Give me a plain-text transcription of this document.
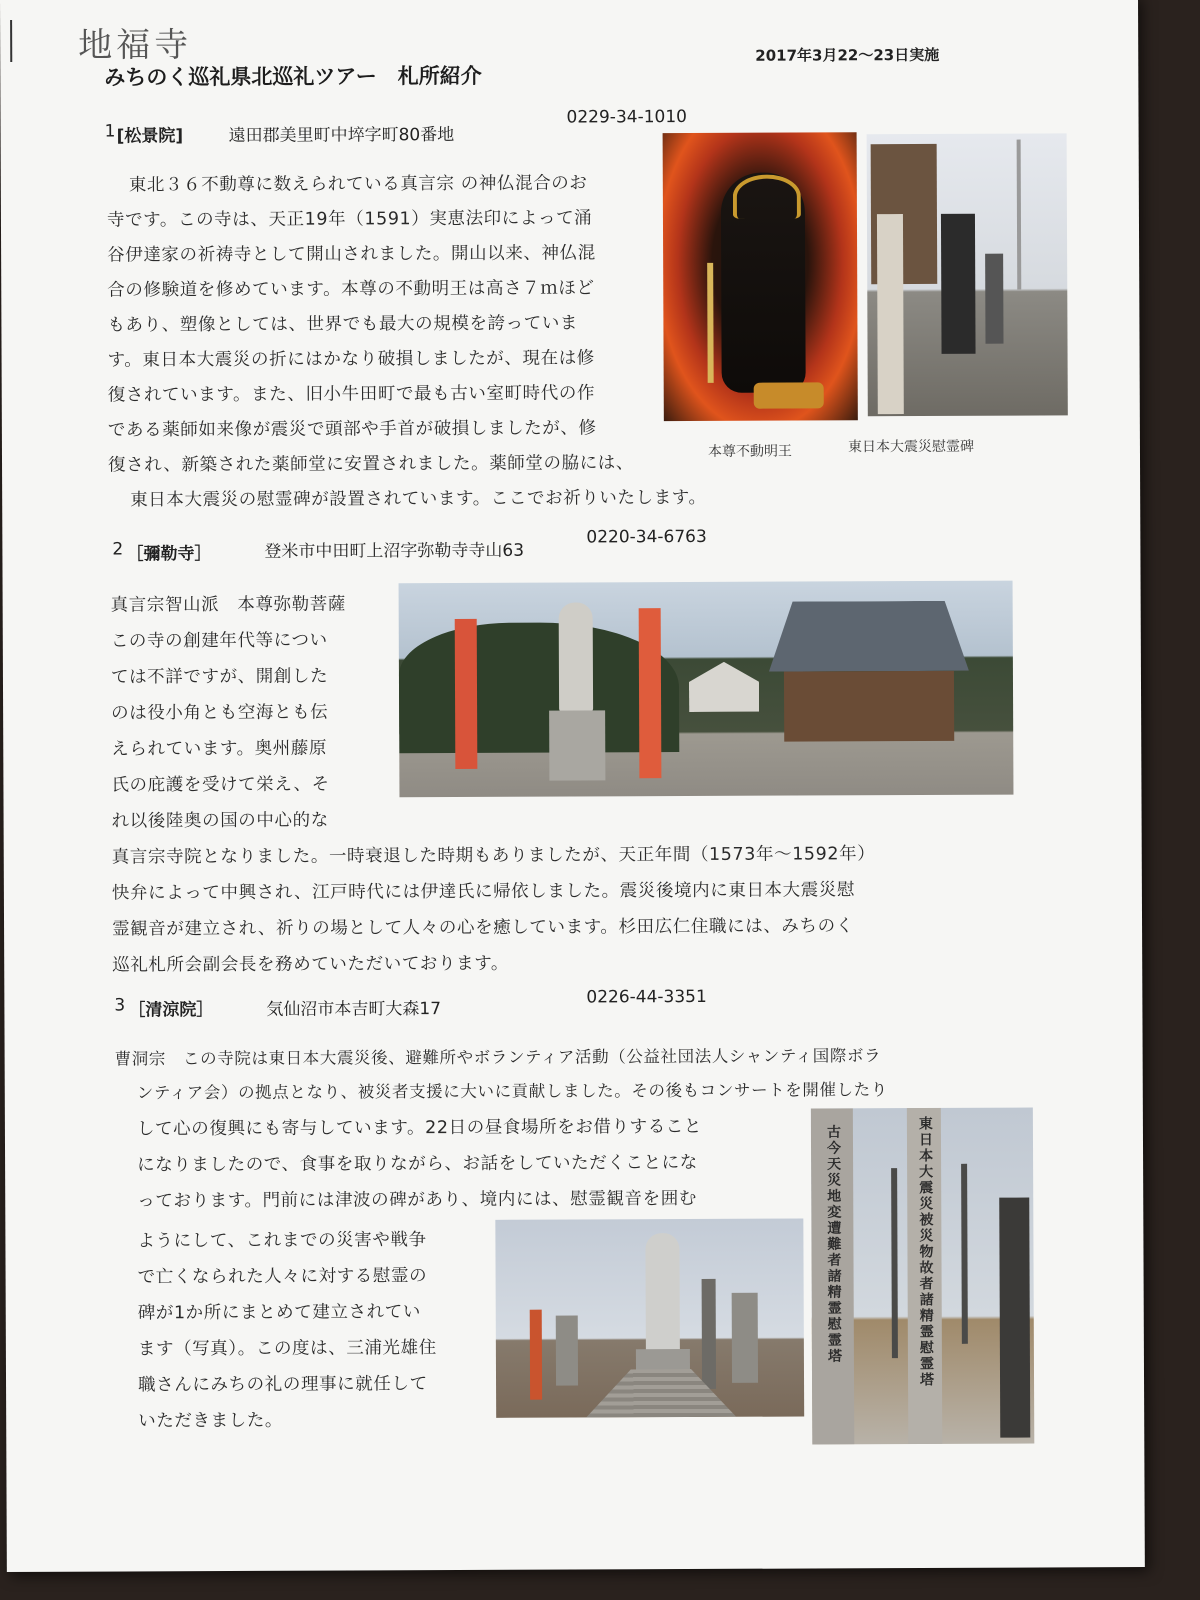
地福寺
みちのく巡礼県北巡礼ツアー　札所紹介
2017年3月22〜23日実施
1 [松景院]	遠田郡美里町中埣字町80番地
0229-34-1010
東北３６不動尊に数えられている真言宗 の神仏混合のお
寺です。この寺は、天正19年（1591）実恵法印によって涌
谷伊達家の祈祷寺として開山されました。開山以来、神仏混
合の修験道を修めています。本尊の不動明王は高さ７ｍほど
もあり、塑像としては、世界でも最大の規模を誇っていま
す。東日本大震災の折にはかなり破損しましたが、現在は修
復されています。また、旧小牛田町で最も古い室町時代の作
である薬師如来像が震災で頭部や手首が破損しましたが、修
復され、新築された薬師堂に安置されました。薬師堂の脇には、
東日本大震災の慰霊碑が設置されています。ここでお祈りいたします。
本尊不動明王	東日本大震災慰霊碑
2 ［彌勒寺］	登米市中田町上沼字弥勒寺寺山63
0220-34-6763
真言宗智山派　本尊弥勒菩薩
この寺の創建年代等につい
ては不詳ですが、開創した
のは役小角とも空海とも伝
えられています。奥州藤原
氏の庇護を受けて栄え、そ
れ以後陸奥の国の中心的な
真言宗寺院となりました。一時衰退した時期もありましたが、天正年間（1573年〜1592年）
快弁によって中興され、江戸時代には伊達氏に帰依しました。震災後境内に東日本大震災慰
霊観音が建立され、祈りの場として人々の心を癒しています。杉田広仁住職には、みちのく
巡礼札所会副会長を務めていただいております。
3 ［清涼院］	気仙沼市本吉町大森17
0226-44-3351
曹洞宗　この寺院は東日本大震災後、避難所やボランティア活動（公益社団法人シャンティ国際ボラ
ンティア会）の拠点となり、被災者支援に大いに貢献しました。その後もコンサートを開催したり
して心の復興にも寄与しています。22日の昼食場所をお借りすること
になりましたので、食事を取りながら、お話をしていただくことにな
っております。門前には津波の碑があり、境内には、慰霊観音を囲む
ようにして、これまでの災害や戦争
で亡くなられた人々に対する慰霊の
碑が1か所にまとめて建立されてい
ます（写真）。この度は、三浦光雄住
職さんにみちの礼の理事に就任して
いただきました。
古今天災地変遭難者諸精霊慰霊塔	東日本大震災被災物故者諸精霊慰霊塔
